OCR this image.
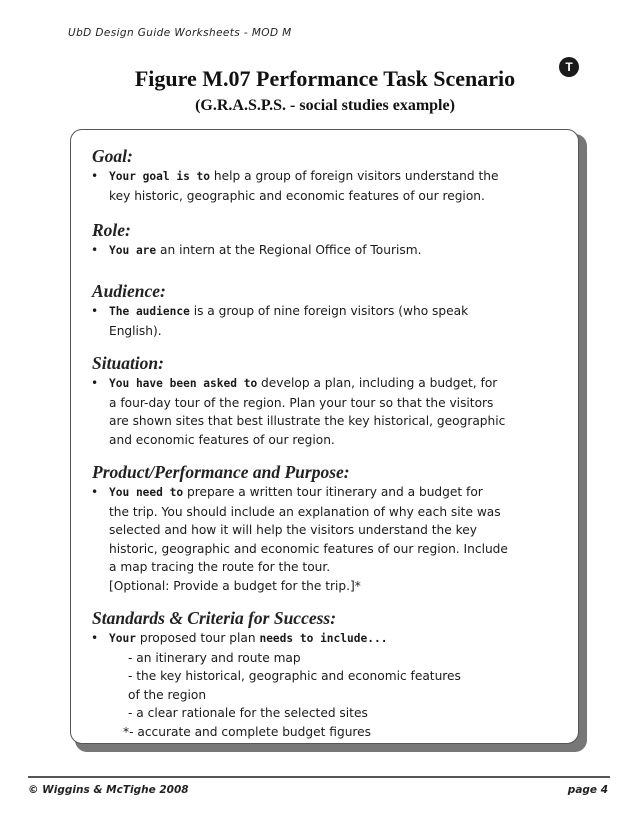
UbD Design Guide Worksheets - MOD M
T
Figure M.07 Performance Task Scenario
(G.R.A.S.P.S. - social studies example)
Goal:
• Your goal is to help a group of foreign visitors understand the
key historic, geographic and economic features of our region.
Role:
• You are an intern at the Regional Office of Tourism.
Audience:
• The audience is a group of nine foreign visitors (who speak
English).
Situation:
• You have been asked to develop a plan, including a budget, for
a four-day tour of the region. Plan your tour so that the visitors
are shown sites that best illustrate the key historical, geographic
and economic features of our region.
Product/Performance and Purpose:
• You need to prepare a written tour itinerary and a budget for
the trip. You should include an explanation of why each site was
selected and how it will help the visitors understand the key
historic, geographic and economic features of our region. Include
a map tracing the route for the tour.
[Optional: Provide a budget for the trip.]*
Standards & Criteria for Success:
• Your proposed tour plan needs to include...
- an itinerary and route map
- the key historical, geographic and economic features
of the region
- a clear rationale for the selected sites
*- accurate and complete budget figures
© Wiggins & McTighe 2008	page 4
